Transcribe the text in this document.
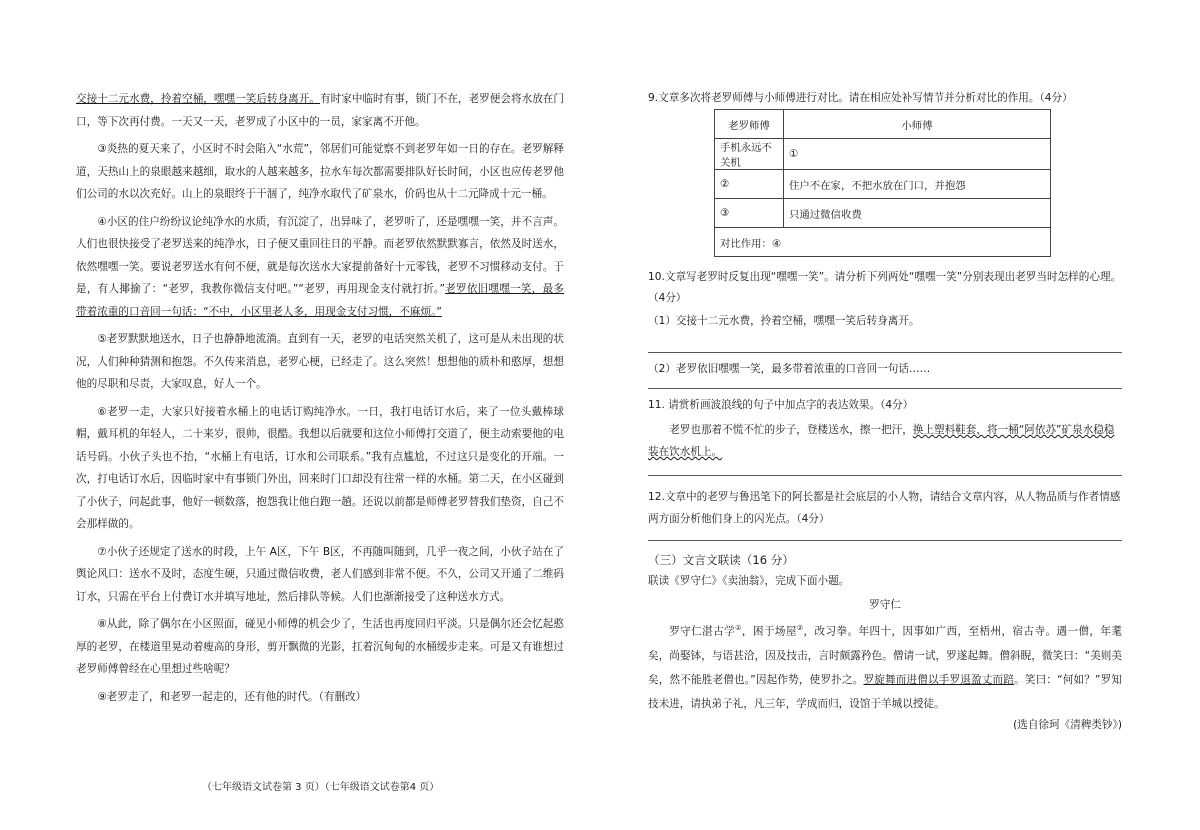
交接十二元水费，拎着空桶，嘿嘿一笑后转身离开。有时家中临时有事，锁门不在，老罗便会将水放在门口，等下次再付费。一天又一天，老罗成了小区中的一员，家家离不开他。

③炎热的夏天来了，小区时不时会陷入“水荒”，邻居们可能觉察不到老罗年如一日的存在。老罗解释道，天热山上的泉眼越来越细，取水的人越来越多，拉水车每次都需要排队好长时间，小区也应传老罗他们公司的水以次充好。山上的泉眼终于干涸了，纯净水取代了矿泉水，价码也从十二元降成十元一桶。

④小区的住户纷纷议论纯净水的水质，有沉淀了，出异味了，老罗听了，还是嘿嘿一笑，并不言声。人们也很快接受了老罗送来的纯净水，日子便又重回往日的平静。而老罗依然默默寡言，依然及时送水，依然嘿嘿一笑。要说老罗送水有何不便，就是每次送水大家提前备好十元零钱，老罗不习惯移动支付。于是，有人揶揄了：“老罗，我教你微信支付吧。”“老罗，再用现金支付就打折。”老罗依旧嘿嘿一笑，最多带着浓重的口音回一句话：“不中，小区里老人多，用现金支付习惯，不麻烦。”

⑤老罗默默地送水，日子也静静地流淌。直到有一天，老罗的电话突然关机了，这可是从未出现的状况，人们种种猜测和抱怨。不久传来消息，老罗心梗，已经走了。这么突然！想想他的质朴和憨厚，想想他的尽职和尽责，大家叹息，好人一个。

⑥老罗一走，大家只好接着水桶上的电话订购纯净水。一日，我打电话订水后，来了一位头戴棒球帽，戴耳机的年轻人，二十来岁，很帅，很酷。我想以后就要和这位小师傅打交道了，便主动索要他的电话号码。小伙子头也不抬，“水桶上有电话，订水和公司联系。”我有点尴尬，不过这只是变化的开端。一次，打电话订水后，因临时家中有事锁门外出，回来时门口却没有往常一样的水桶。第二天，在小区碰到了小伙子，问起此事，他好一顿数落，抱怨我让他白跑一趟。还说以前都是师傅老罗替我们垫资，自己不会那样做的。

⑦小伙子还规定了送水的时段，上午 A区，下午 B区，不再随叫随到，几乎一夜之间，小伙子站在了舆论风口：送水不及时，态度生硬，只通过微信收费，老人们感到非常不便。不久，公司又开通了二维码订水，只需在平台上付费订水并填写地址，然后排队等候。人们也渐渐接受了这种送水方式。

⑧从此，除了偶尔在小区照面，碰见小师傅的机会少了，生活也再度回归平淡。只是偶尔还会忆起憨厚的老罗，在楼道里晃动着瘦高的身形，剪开飘微的光影，扛着沉甸甸的水桶缓步走来。可是又有谁想过老罗师傅曾经在心里想过些啥呢？

⑨老罗走了，和老罗一起走的，还有他的时代。（有删改）

9.文章多次将老罗师傅与小师傅进行对比。请在相应处补写情节并分析对比的作用。（4分）

老罗师傅	小师傅
手机永远不关机	①
②	住户不在家，不把水放在门口，并抱怨
③	只通过微信收费
对比作用：④	

10.文章写老罗时反复出现“嘿嘿一笑”。请分析下列两处“嘿嘿一笑”分别表现出老罗当时怎样的心理。（4分）

（1）交接十二元水费，拎着空桶，嘿嘿一笑后转身离开。

（2）老罗依旧嘿嘿一笑，最多带着浓重的口音回一句话……

11. 请赏析画波浪线的句子中加点字的表达效果。（4分）

老罗也那着不慌不忙的步子，登楼送水，擦一把汗，换上塑料鞋套，将一桶“阿依苏”矿泉水稳稳装在饮水机上。

12.文章中的老罗与鲁迅笔下的阿长都是社会底层的小人物，请结合文章内容，从人物品质与作者情感两方面分析他们身上的闪光点。（4分）

（三）文言文联读（16 分）

联读《罗守仁》《卖油翁》，完成下面小题。

罗守仁

罗守仁湛古学①，困于场屋②，改习拳。年四十，因事如广西，至梧州，宿古寺。遇一僧，年耄矣，尚娶钵，与语甚洽，因及技击，言时颇露矜色。僧请一试，罗遂起舞。僧斜睨，微笑曰：“美则美矣，然不能胜老僧也。”因起作势，使罗扑之。罗旋舞而进僧以手罗退盈丈而踣。笑曰：“何如？”罗知技未进，请执弟子礼，凡三年，学成而归，设馆于羊城以授徒。

(选自徐珂《清稗类钞》)

（七年级语文试卷第 3 页）（七年级语文试卷第4 页）
